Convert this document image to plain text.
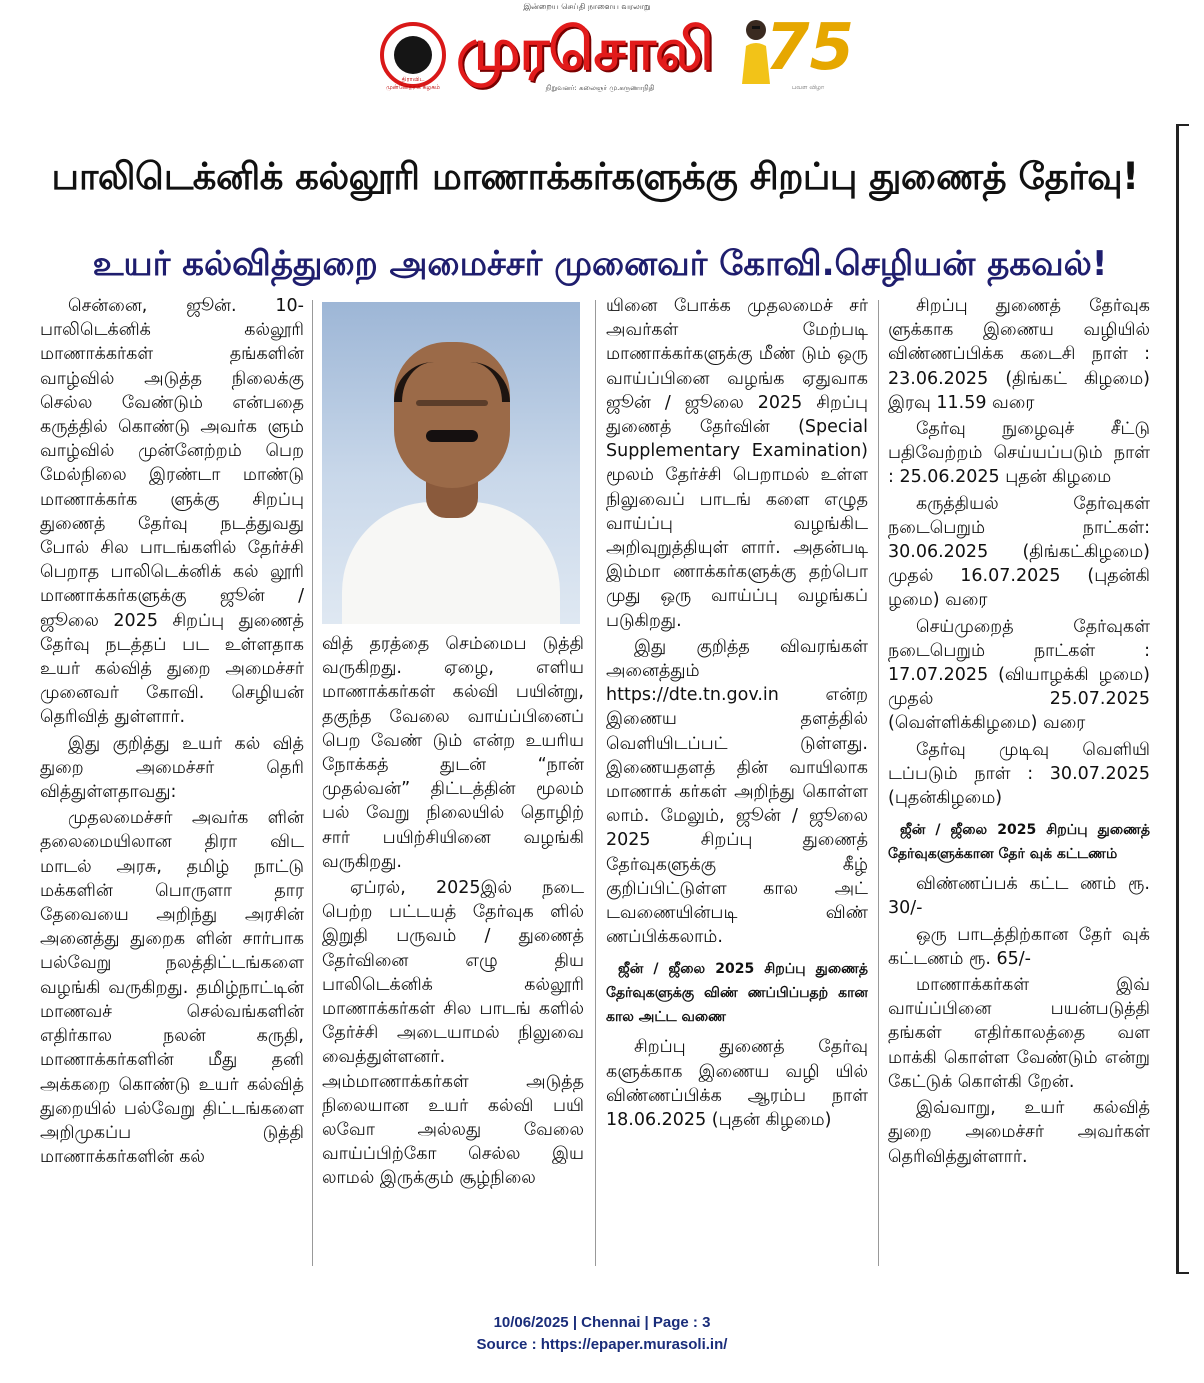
இன்றைய செய்தி நாளைய வரலாறு
திராவிட முன்னேற்றக் கழகம்
முரசொலி
நிறுவனர்: கலைஞர் மு.கருணாநிதி
75
பவள விழா
பாலிடெக்னிக் கல்லூரி மாணாக்கர்களுக்கு சிறப்பு துணைத் தேர்வு!
உயர் கல்வித்துறை அமைச்சர் முனைவர் கோவி.செழியன் தகவல்!

சென்னை, ஜூன். 10- பாலிடெக்னிக் கல்லூரி மாணாக்கர்கள் தங்களின் வாழ்வில் அடுத்த நிலைக்கு செல்ல வேண்டும் என்பதை கருத்தில் கொண்டு அவர்க ளும் வாழ்வில் முன்னேற்றம் பெற மேல்நிலை இரண்டா மாண்டு மாணாக்கர்க ளுக்கு சிறப்பு துணைத் தேர்வு நடத்துவது போல் சில பாடங்களில் தேர்ச்சி பெறாத பாலிடெக்னிக் கல் லூரி மாணாக்கர்களுக்கு ஜூன் / ஜூலை 2025 சிறப்பு துணைத் தேர்வு நடத்தப் பட உள்ளதாக உயர் கல்வித் துறை அமைச்சர் முனைவர் கோவி. செழியன் தெரிவித் துள்ளார்.

இது குறித்து உயர் கல் வித் துறை அமைச்சர் தெரி வித்துள்ளதாவது:

முதலமைச்சர் அவர்க ளின் தலைமையிலான திரா விட மாடல் அரசு, தமிழ் நாட்டு மக்களின் பொருளா தார தேவையை அறிந்து அரசின் அனைத்து துறைக ளின் சார்பாக பல்வேறு நலத்திட்டங்களை வழங்கி வருகிறது. தமிழ்நாட்டின் மாணவச் செல்வங்களின் எதிர்கால நலன் கருதி, மாணாக்கர்களின் மீது தனி அக்கறை கொண்டு உயர் கல்வித் துறையில் பல்வேறு திட்டங்களை அறிமுகப்ப டுத்தி மாணாக்கர்களின் கல்

வித் தரத்தை செம்மைப டுத்தி வருகிறது. ஏழை, எளிய மாணாக்கர்கள் கல்வி பயின்று, தகுந்த வேலை வாய்ப்பினைப் பெற வேண் டும் என்ற உயரிய நோக்கத் துடன் “நான் முதல்வன்” திட்டத்தின் மூலம் பல் வேறு நிலையில் தொழிற் சார் பயிற்சியினை வழங்கி வருகிறது.

ஏப்ரல், 2025இல் நடை பெற்ற பட்டயத் தேர்வுக ளில் இறுதி பருவம் / துணைத் தேர்வினை எழு திய பாலிடெக்னிக் கல்லூரி மாணாக்கர்கள் சில பாடங் களில் தேர்ச்சி அடையாமல் நிலுவை வைத்துள்ளனர். அம்மாணாக்கர்கள் அடுத்த நிலையான உயர் கல்வி பயி லவோ அல்லது வேலை வாய்ப்பிற்கோ செல்ல இய லாமல் இருக்கும் சூழ்நிலை

யினை போக்க முதலமைச் சர் அவர்கள் மேற்படி மாணாக்கர்களுக்கு மீண் டும் ஒரு வாய்ப்பினை வழங்க ஏதுவாக ஜூன் / ஜூலை 2025 சிறப்பு துணைத் தேர்வின் (Special Supplementary Examination) மூலம் தேர்ச்சி பெறாமல் உள்ள நிலுவைப் பாடங் களை எழுத வாய்ப்பு வழங்கிட அறிவுறுத்தியுள் ளார். அதன்படி இம்மா ணாக்கர்களுக்கு தற்பொ முது ஒரு வாய்ப்பு வழங்கப் படுகிறது.

இது குறித்த விவரங்கள் அனைத்தும் https://dte.tn.gov.in என்ற இணைய தளத்தில் வெளியிடப்பட் டுள்ளது. இணையதளத் தின் வாயிலாக மாணாக் கர்கள் அறிந்து கொள்ள லாம். மேலும், ஜூன் / ஜூலை 2025 சிறப்பு துணைத் தேர்வுகளுக்கு கீழ் குறிப்பிட்டுள்ள கால அட் டவணையின்படி விண் ணப்பிக்கலாம்.

ஜீன் / ஜீலை 2025 சிறப்பு துணைத் தேர்வுகளுக்கு விண் ணப்பிப்பதற் கான கால அட்ட வணை

சிறப்பு துணைத் தேர்வு களுக்காக இணைய வழி யில் விண்ணப்பிக்க ஆரம்ப நாள் 18.06.2025 (புதன் கிழமை)

சிறப்பு துணைத் தேர்வுக ளுக்காக இணைய வழியில் விண்ணப்பிக்க கடைசி நாள் : 23.06.2025 (திங்கட் கிழமை) இரவு 11.59 வரை

தேர்வு நுழைவுச் சீட்டு பதிவேற்றம் செய்யப்படும் நாள் : 25.06.2025 புதன் கிழமை

கருத்தியல் தேர்வுகள் நடைபெறும் நாட்கள்: 30.06.2025 (திங்கட்கிழமை) முதல் 16.07.2025 (புதன்கி ழமை) வரை

செய்முறைத் தேர்வுகள் நடைபெறும் நாட்கள் : 17.07.2025 (வியாழக்கி ழமை) முதல் 25.07.2025 (வெள்ளிக்கிழமை) வரை

தேர்வு முடிவு வெளியி டப்படும் நாள் : 30.07.2025 (புதன்கிழமை)

ஜீன் / ஜீலை 2025 சிறப்பு துணைத் தேர்வுகளுக்கான தேர் வுக் கட்டணம்

விண்ணப்பக் கட்ட ணம் ரூ. 30/-

ஒரு பாடத்திற்கான தேர் வுக் கட்டணம் ரூ. 65/-

மாணாக்கர்கள் இவ் வாய்ப்பினை பயன்படுத்தி தங்கள் எதிர்காலத்தை வள மாக்கி கொள்ள வேண்டும் என்று கேட்டுக் கொள்கி றேன்.

இவ்வாறு, உயர் கல்வித் துறை அமைச்சர் அவர்கள் தெரிவித்துள்ளார்.

10/06/2025 | Chennai | Page : 3
Source : https://epaper.murasoli.in/
